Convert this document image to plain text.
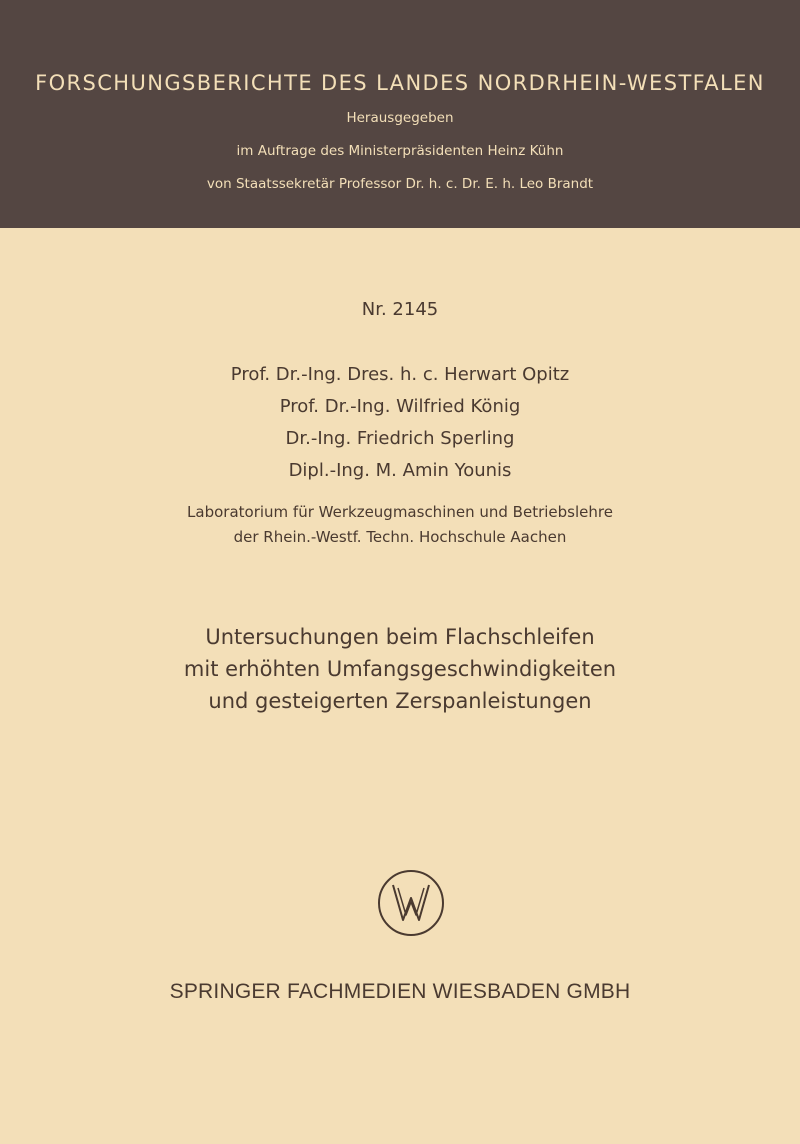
FORSCHUNGSBERICHTE DES LANDES NORDRHEIN-WESTFALEN
Herausgegeben
im Auftrage des Ministerpräsidenten Heinz Kühn
von Staatssekretär Professor Dr. h. c. Dr. E. h. Leo Brandt
Nr. 2145
Prof. Dr.-Ing. Dres. h. c. Herwart Opitz
Prof. Dr.-Ing. Wilfried König
Dr.-Ing. Friedrich Sperling
Dipl.-Ing. M. Amin Younis
Laboratorium für Werkzeugmaschinen und Betriebslehre
der Rhein.-Westf. Techn. Hochschule Aachen
Untersuchungen beim Flachschleifen
mit erhöhten Umfangsgeschwindigkeiten
und gesteigerten Zerspanleistungen
SPRINGER FACHMEDIEN WIESBADEN GMBH
